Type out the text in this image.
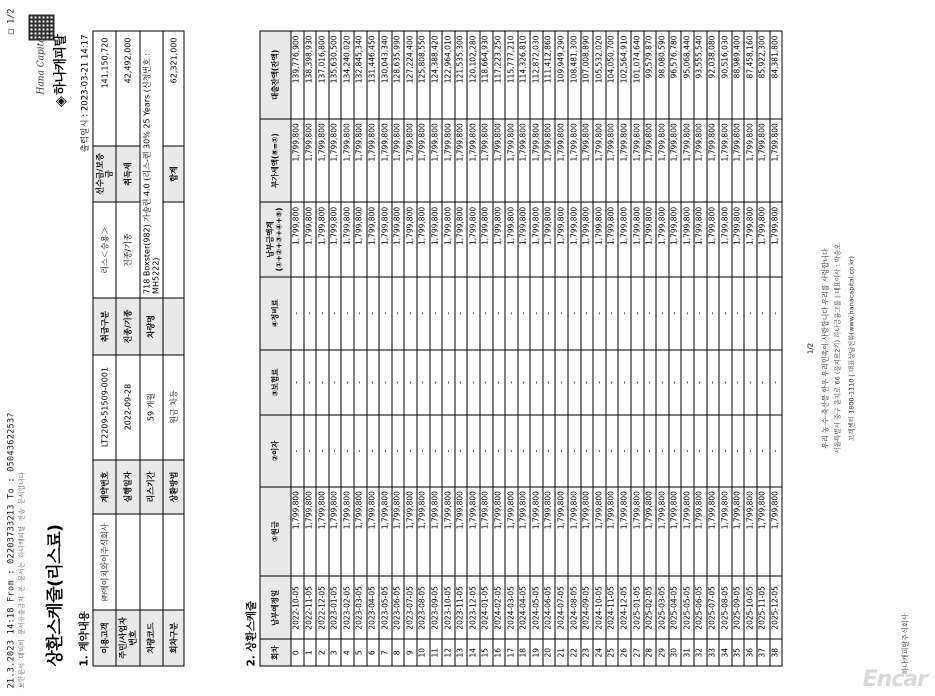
21.3.2023 14:18 From : 02203733213 To : 0504362253?
□ 1/2
보안문서 대외비 문서유출금지 본 문서는 하나캐피탈 전송 문서입니다 상환스케줄(리스료)
Hana Capital
◈하나캐피탈
1. 계약내용
출력일시 : 2023-03-21 14:17
이용고객	㈜에이치와이주식회사	계약번호	LT2209-51509-0001	취급구분	리스＜승용＞	선수금/보증금	141,150,720
주민/사업자번호		실행일자	2022-09-28	진종/기종	진종/기종	취득세	42,492,000
차량코드		리스기간	59 개월	차량명	718 Boxster(982) 가솔린 4.0 (리스-렌 30% 25 Years (신청번호 : MH5222)		
회차구분		상환방법	원금 차등			합계	62,321,000
2. 상환스케줄 회차	납부예정일	①원금	②이자	③보험료	④정비료	납부금액계(①+②+③+④+⑤)	부가세액(⑧=①)	대출잔액(잔액)
0	2022-10-05	1,799,800	-	-	-	1,799,800	1,799,800	139,776,900
1	2022-11-05	1,799,800	-	-	-	1,799,800	1,799,800	138,398,930
2	2022-12-05	1,799,800	-	-	-	1,799,800	1,799,800	137,016,800
3	2023-01-05	1,799,800	-	-	-	1,799,800	1,799,800	135,630,500
4	2023-02-05	1,799,800	-	-	-	1,799,800	1,799,800	134,240,020
5	2023-03-05	1,799,800	-	-	-	1,799,800	1,799,800	132,845,340
6	2023-04-05	1,799,800	-	-	-	1,799,800	1,799,800	131,446,450
7	2023-05-05	1,799,800	-	-	-	1,799,800	1,799,800	130,043,340
8	2023-06-05	1,799,800	-	-	-	1,799,800	1,799,800	128,635,990
9	2023-07-05	1,799,800	-	-	-	1,799,800	1,799,800	127,224,400
10	2023-08-05	1,799,800	-	-	-	1,799,800	1,799,800	125,808,550
11	2023-09-05	1,799,800	-	-	-	1,799,800	1,799,800	124,388,420
12	2023-10-05	1,799,800	-	-	-	1,799,800	1,799,800	122,964,010
13	2023-11-05	1,799,800	-	-	-	1,799,800	1,799,800	121,535,300
14	2023-12-05	1,799,800	-	-	-	1,799,800	1,799,800	120,102,280
15	2024-01-05	1,799,800	-	-	-	1,799,800	1,799,800	118,664,930
16	2024-02-05	1,799,800	-	-	-	1,799,800	1,799,800	117,223,250
17	2024-03-05	1,799,800	-	-	-	1,799,800	1,799,800	115,777,210
18	2024-04-05	1,799,800	-	-	-	1,799,800	1,799,800	114,326,810
19	2024-05-05	1,799,800	-	-	-	1,799,800	1,799,800	112,872,030
20	2024-06-05	1,799,800	-	-	-	1,799,800	1,799,800	111,412,860
21	2024-07-05	1,799,800	-	-	-	1,799,800	1,799,800	109,949,290
22	2024-08-05	1,799,800	-	-	-	1,799,800	1,799,800	108,481,300
23	2024-09-05	1,799,800	-	-	-	1,799,800	1,799,800	107,008,890
24	2024-10-05	1,799,800	-	-	-	1,799,800	1,799,800	105,532,020
25	2024-11-05	1,799,800	-	-	-	1,799,800	1,799,800	104,050,700
26	2024-12-05	1,799,800	-	-	-	1,799,800	1,799,800	102,564,910
27	2025-01-05	1,799,800	-	-	-	1,799,800	1,799,800	101,074,640
28	2025-02-05	1,799,800	-	-	-	1,799,800	1,799,800	99,579,870
29	2025-03-05	1,799,800	-	-	-	1,799,800	1,799,800	98,080,590
30	2025-04-05	1,799,800	-	-	-	1,799,800	1,799,800	96,576,780
31	2025-05-05	1,799,800	-	-	-	1,799,800	1,799,800	95,068,440
32	2025-06-05	1,799,800	-	-	-	1,799,800	1,799,800	93,555,540
33	2025-07-05	1,799,800	-	-	-	1,799,800	1,799,800	92,038,080
34	2025-08-05	1,799,800	-	-	-	1,799,800	1,799,800	90,516,030
35	2025-09-05	1,799,800	-	-	-	1,799,800	1,799,800	88,989,400
36	2025-10-05	1,799,800	-	-	-	1,799,800	1,799,800	87,458,160
37	2025-11-05	1,799,800	-	-	-	1,799,800	1,799,800	85,922,300
38	2025-12-05	1,799,800	-	-	-	1,799,800	1,799,800	84,381,800
1/2 우리 농·수·축산물 한우 우리민족이 사랑합니다 우리를 사랑합니다 서울특별시 중구 을지로 66 (을지로2가) 하나금융그룹 | 대표이사 : 박승오 고객센터 1800-1110 | 대표상담전화(www.hanacapital.co.kr)
하나캐피탈주식회사
Encar
